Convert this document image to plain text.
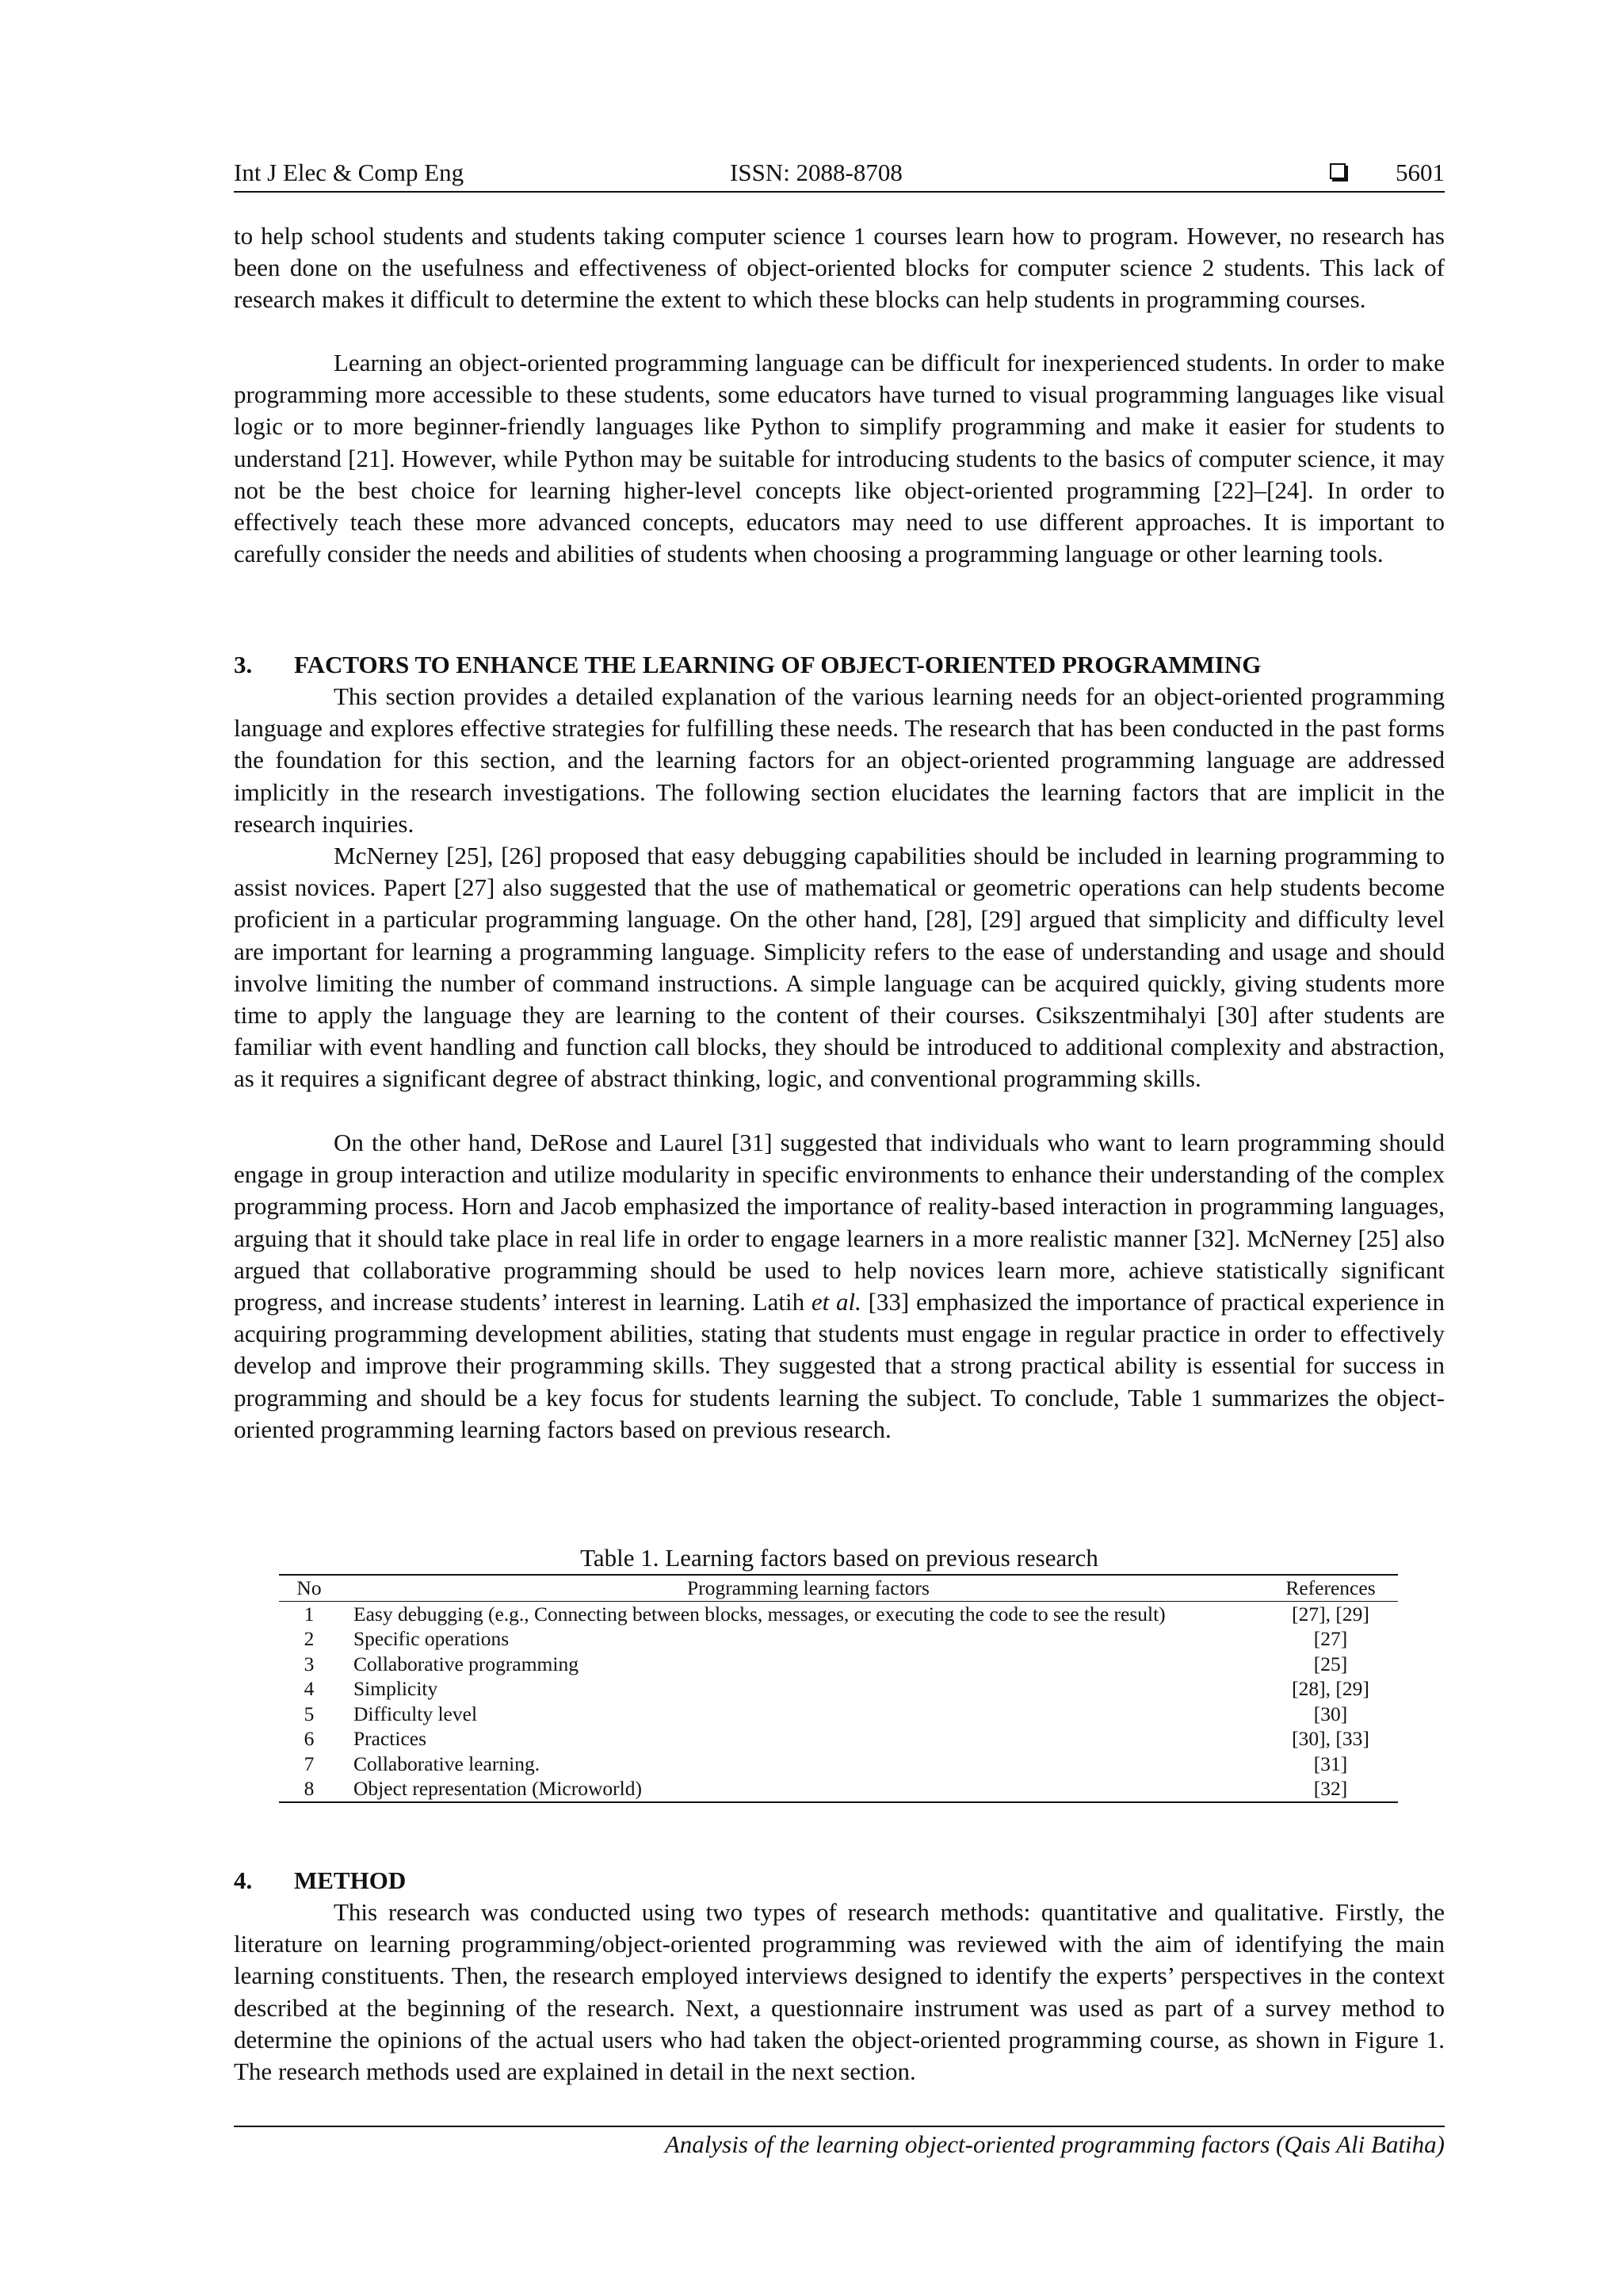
Int J Elec & Comp Eng	ISSN: 2088-8708	5601

to help school students and students taking computer science 1 courses learn how to program. However, no research has been done on the usefulness and effectiveness of object-oriented blocks for computer science 2 students. This lack of research makes it difficult to determine the extent to which these blocks can help students in programming courses.

Learning an object-oriented programming language can be difficult for inexperienced students. In order to make programming more accessible to these students, some educators have turned to visual programming languages like visual logic or to more beginner-friendly languages like Python to simplify programming and make it easier for students to understand [21]. However, while Python may be suitable for introducing students to the basics of computer science, it may not be the best choice for learning higher-level concepts like object-oriented programming [22]–[24]. In order to effectively teach these more advanced concepts, educators may need to use different approaches. It is important to carefully consider the needs and abilities of students when choosing a programming language or other learning tools.

3. FACTORS TO ENHANCE THE LEARNING OF OBJECT-ORIENTED PROGRAMMING

This section provides a detailed explanation of the various learning needs for an object-oriented programming language and explores effective strategies for fulfilling these needs. The research that has been conducted in the past forms the foundation for this section, and the learning factors for an object-oriented programming language are addressed implicitly in the research investigations. The following section elucidates the learning factors that are implicit in the research inquiries.

McNerney [25], [26] proposed that easy debugging capabilities should be included in learning programming to assist novices. Papert [27] also suggested that the use of mathematical or geometric operations can help students become proficient in a particular programming language. On the other hand, [28], [29] argued that simplicity and difficulty level are important for learning a programming language. Simplicity refers to the ease of understanding and usage and should involve limiting the number of command instructions. A simple language can be acquired quickly, giving students more time to apply the language they are learning to the content of their courses. Csikszentmihalyi [30] after students are familiar with event handling and function call blocks, they should be introduced to additional complexity and abstraction, as it requires a significant degree of abstract thinking, logic, and conventional programming skills.

On the other hand, DeRose and Laurel [31] suggested that individuals who want to learn programming should engage in group interaction and utilize modularity in specific environments to enhance their understanding of the complex programming process. Horn and Jacob emphasized the importance of reality-based interaction in programming languages, arguing that it should take place in real life in order to engage learners in a more realistic manner [32]. McNerney [25] also argued that collaborative programming should be used to help novices learn more, achieve statistically significant progress, and increase students’ interest in learning. Latih et al. [33] emphasized the importance of practical experience in acquiring programming development abilities, stating that students must engage in regular practice in order to effectively develop and improve their programming skills. They suggested that a strong practical ability is essential for success in programming and should be a key focus for students learning the subject. To conclude, Table 1 summarizes the object-oriented programming learning factors based on previous research.

Table 1. Learning factors based on previous research
No	Programming learning factors	References
1	Easy debugging (e.g., Connecting between blocks, messages, or executing the code to see the result)	[27], [29]
2	Specific operations	[27]
3	Collaborative programming	[25]
4	Simplicity	[28], [29]
5	Difficulty level	[30]
6	Practices	[30], [33]
7	Collaborative learning.	[31]
8	Object representation (Microworld)	[32]
4. METHOD

This research was conducted using two types of research methods: quantitative and qualitative. Firstly, the literature on learning programming/object-oriented programming was reviewed with the aim of identifying the main learning constituents. Then, the research employed interviews designed to identify the experts’ perspectives in the context described at the beginning of the research. Next, a questionnaire instrument was used as part of a survey method to determine the opinions of the actual users who had taken the object-oriented programming course, as shown in Figure 1. The research methods used are explained in detail in the next section.

Analysis of the learning object-oriented programming factors (Qais Ali Batiha)
